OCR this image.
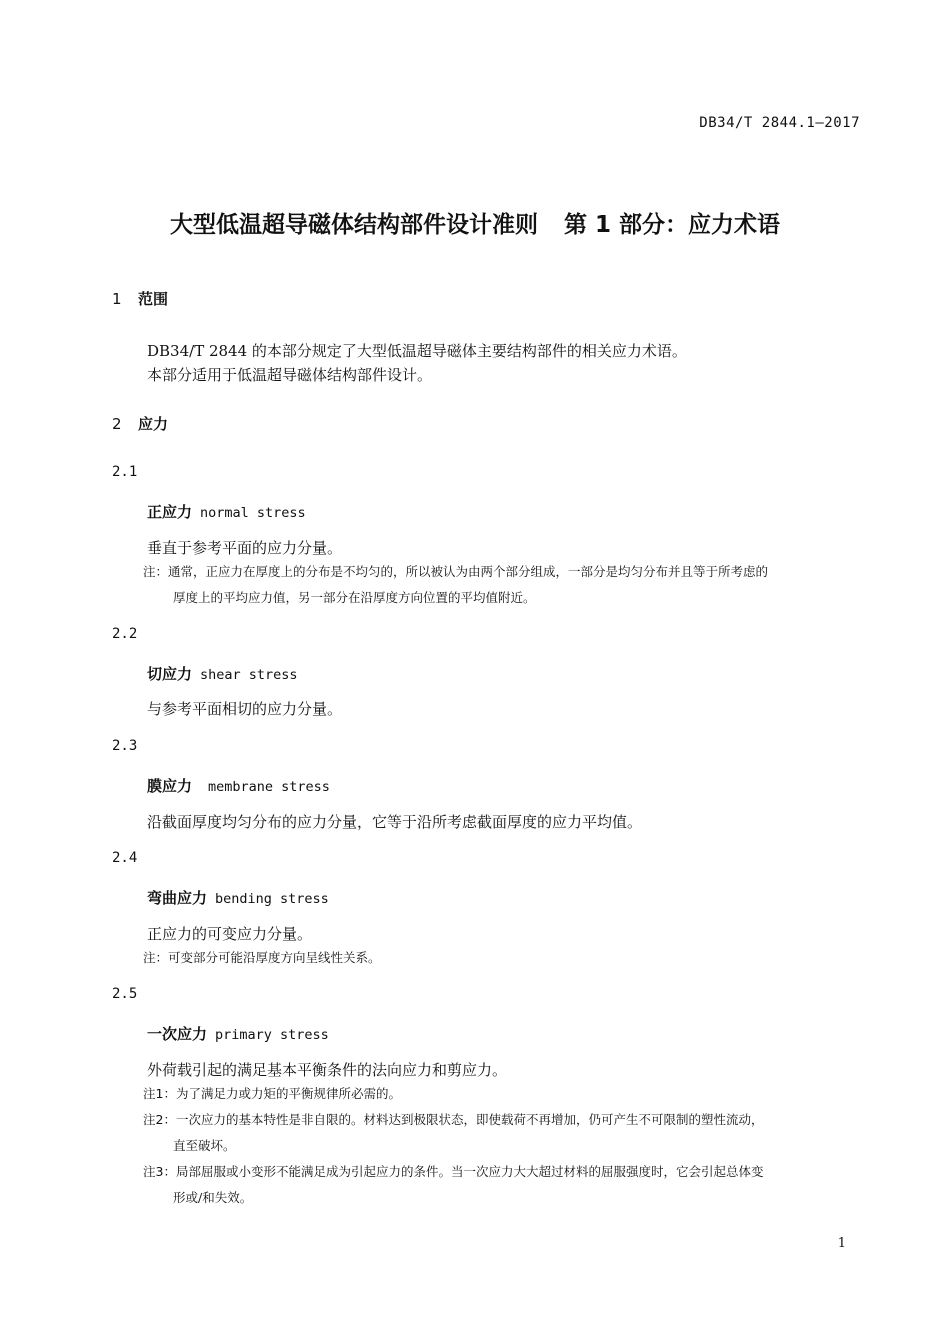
DB34/T 2844.1—2017
大型低温超导磁体结构部件设计准则 第 1 部分：应力术语
1 范围
DB34/T 2844 的本部分规定了大型低温超导磁体主要结构部件的相关应力术语。
本部分适用于低温超导磁体结构部件设计。
2 应力
2.1
正应力 normal stress
垂直于参考平面的应力分量。
注：通常，正应力在厚度上的分布是不均匀的，所以被认为由两个部分组成，一部分是均匀分布并且等于所考虑的
厚度上的平均应力值，另一部分在沿厚度方向位置的平均值附近。
2.2
切应力 shear stress
与参考平面相切的应力分量。
2.3
膜应力 membrane stress
沿截面厚度均匀分布的应力分量，它等于沿所考虑截面厚度的应力平均值。
2.4
弯曲应力 bending stress
正应力的可变应力分量。
注：可变部分可能沿厚度方向呈线性关系。
2.5
一次应力 primary stress
外荷载引起的满足基本平衡条件的法向应力和剪应力。
注1：为了满足力或力矩的平衡规律所必需的。
注2：一次应力的基本特性是非自限的。材料达到极限状态，即使载荷不再增加，仍可产生不可限制的塑性流动，
直至破坏。
注3：局部屈服或小变形不能满足成为引起应力的条件。当一次应力大大超过材料的屈服强度时，它会引起总体变
形或/和失效。
1
